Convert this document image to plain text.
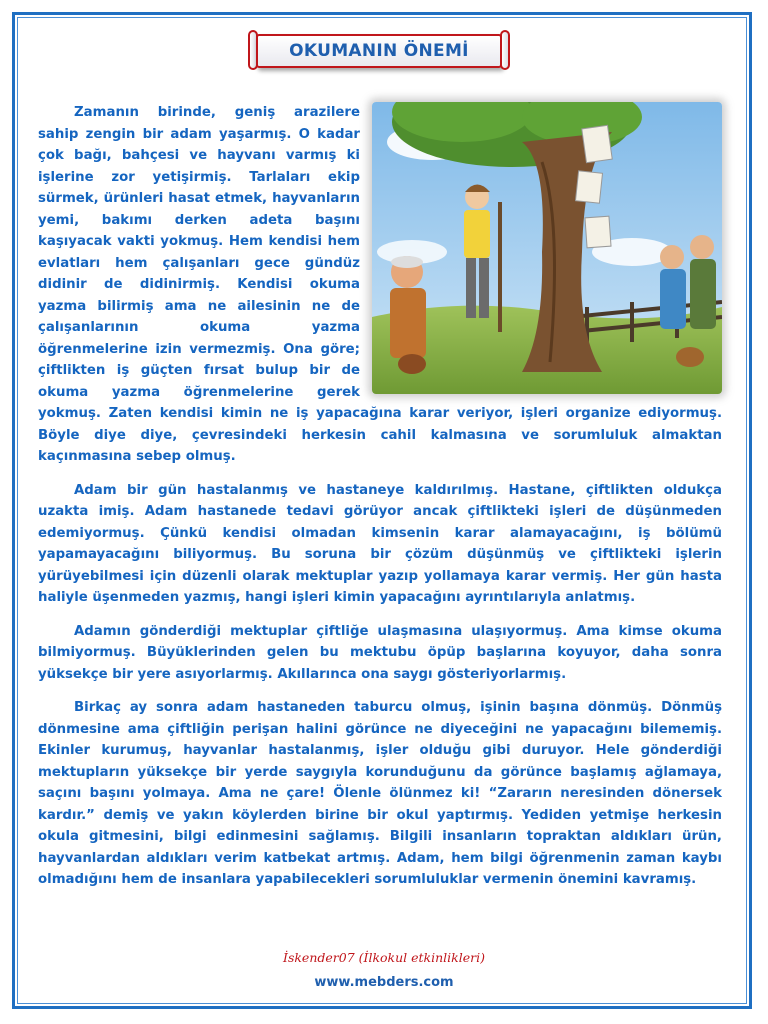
OKUMANIN ÖNEMİ

Zamanın birinde, geniş arazilere sahip zengin bir adam yaşarmış. O kadar çok bağı, bahçesi ve hayvanı varmış ki işlerine zor yetişirmiş. Tarlaları ekip sürmek, ürünleri hasat etmek, hayvanların yemi, bakımı derken adeta başını kaşıyacak vakti yokmuş. Hem kendisi hem evlatları hem çalışanları gece gündüz didinir de didinirmiş. Kendisi okuma yazma bilirmiş ama ne ailesinin ne de çalışanlarının okuma yazma öğrenmelerine izin vermezmiş. Ona göre; çiftlikten iş güçten fırsat bulup bir de okuma yazma öğrenmelerine gerek yokmuş. Zaten kendisi kimin ne iş yapacağına karar veriyor, işleri organize ediyormuş. Böyle diye diye, çevresindeki herkesin cahil kalmasına ve sorumluluk almaktan kaçınmasına sebep olmuş.

Adam bir gün hastalanmış ve hastaneye kaldırılmış. Hastane, çiftlikten oldukça uzakta imiş. Adam hastanede tedavi görüyor ancak çiftlikteki işleri de düşünmeden edemiyormuş. Çünkü kendisi olmadan kimsenin karar alamayacağını, iş bölümü yapamayacağını biliyormuş. Bu soruna bir çözüm düşünmüş ve çiftlikteki işlerin yürüyebilmesi için düzenli olarak mektuplar yazıp yollamaya karar vermiş. Her gün hasta haliyle üşenmeden yazmış, hangi işleri kimin yapacağını ayrıntılarıyla anlatmış.

Adamın gönderdiği mektuplar çiftliğe ulaşmasına ulaşıyormuş. Ama kimse okuma bilmiyormuş. Büyüklerinden gelen bu mektubu öpüp başlarına koyuyor, daha sonra yüksekçe bir yere asıyorlarmış. Akıllarınca ona saygı gösteriyorlarmış.

Birkaç ay sonra adam hastaneden taburcu olmuş, işinin başına dönmüş. Dönmüş dönmesine ama çiftliğin perişan halini görünce ne diyeceğini ne yapacağını bilememiş. Ekinler kurumuş, hayvanlar hastalanmış, işler olduğu gibi duruyor. Hele gönderdiği mektupların yüksekçe bir yerde saygıyla korunduğunu da görünce başlamış ağlamaya, saçını başını yolmaya. Ama ne çare! Ölenle ölünmez ki! “Zararın neresinden dönersek kardır.” demiş ve yakın köylerden birine bir okul yaptırmış. Yediden yetmişe herkesin okula gitmesini, bilgi edinmesini sağlamış. Bilgili insanların topraktan aldıkları ürün, hayvanlardan aldıkları verim katbekat artmış. Adam, hem bilgi öğrenmenin zaman kaybı olmadığını hem de insanlara yapabilecekleri sorumluluklar vermenin önemini kavramış.

İskender07 (İlkokul etkinlikleri)
www.mebders.com
